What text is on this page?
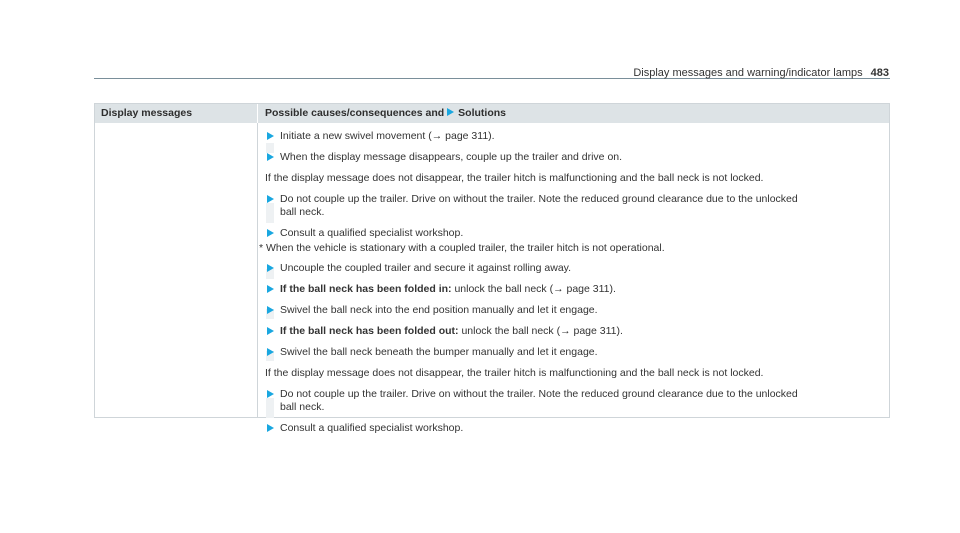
Display messages and warning/indicator lamps 483
Display messages	Possible causes/consequences and Solutions
Initiate a new swivel movement (→ page 311).
When the display message disappears, couple up the trailer and drive on.
If the display message does not disappear, the trailer hitch is malfunctioning and the ball neck is not locked.
Do not couple up the trailer. Drive on without the trailer. Note the reduced ground clearance due to the unlocked
ball neck.
Consult a qualified specialist workshop.
* When the vehicle is stationary with a coupled trailer, the trailer hitch is not operational.
Uncouple the coupled trailer and secure it against rolling away.
If the ball neck has been folded in: unlock the ball neck (→ page 311).
Swivel the ball neck into the end position manually and let it engage.
If the ball neck has been folded out: unlock the ball neck (→ page 311).
Swivel the ball neck beneath the bumper manually and let it engage.
If the display message does not disappear, the trailer hitch is malfunctioning and the ball neck is not locked.
Do not couple up the trailer. Drive on without the trailer. Note the reduced ground clearance due to the unlocked
ball neck.
Consult a qualified specialist workshop.
